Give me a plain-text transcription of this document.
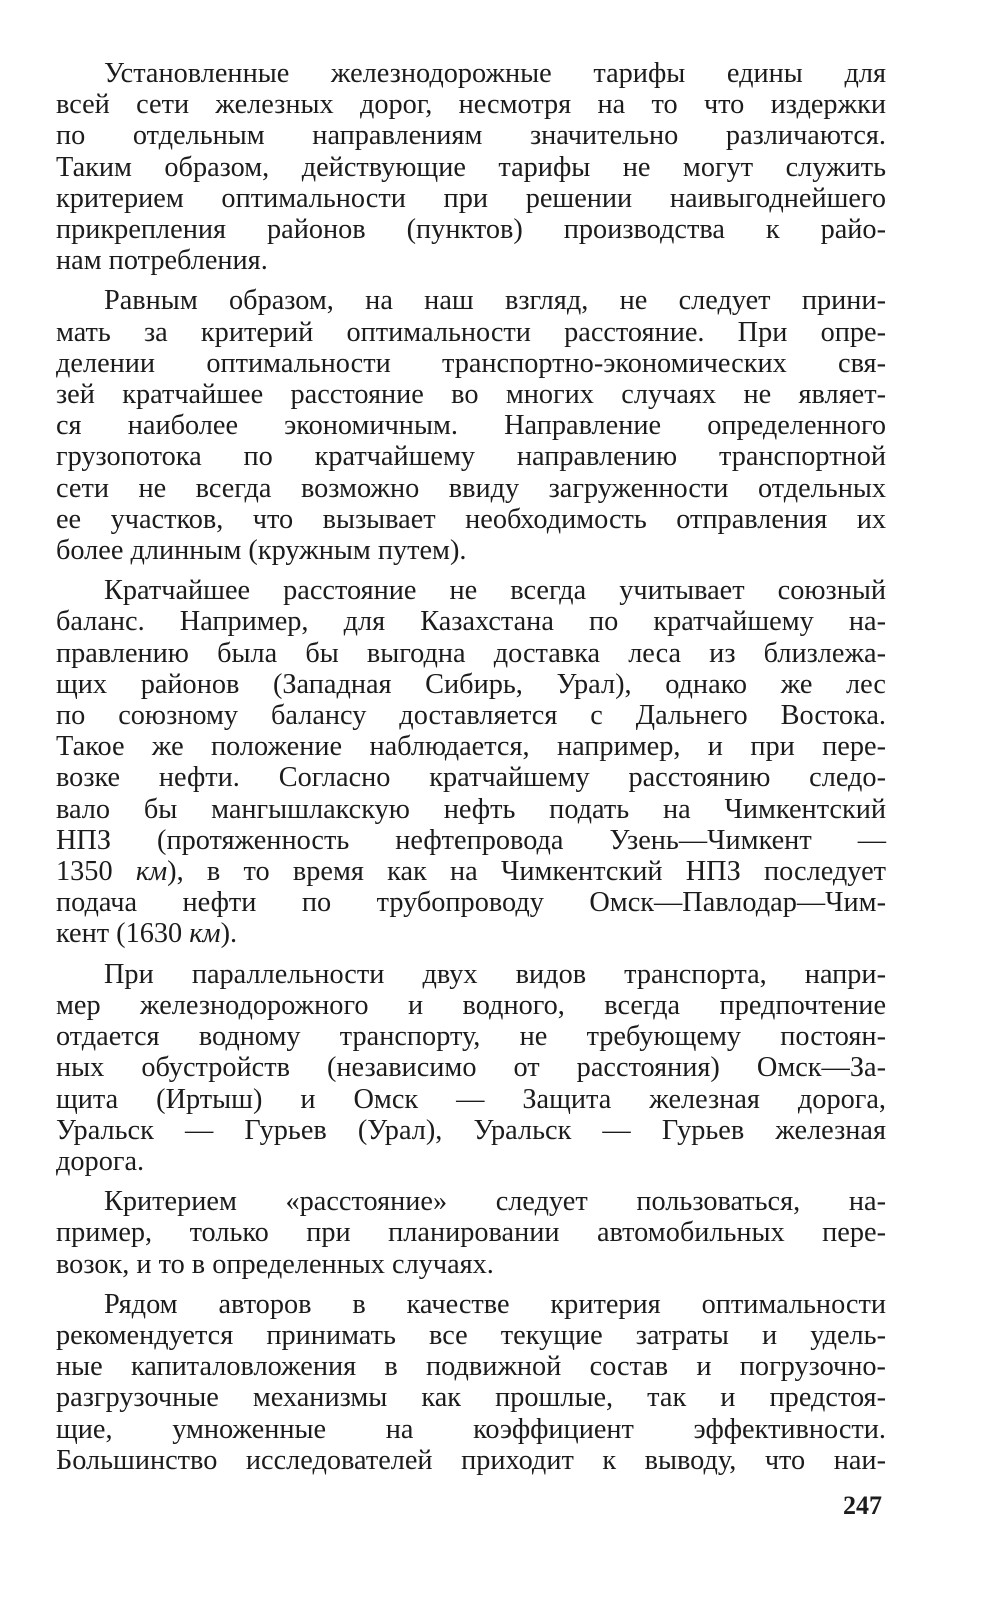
Установленные железнодорожные тарифы едины для
всей сети железных дорог, несмотря на то что издержки
по отдельным направлениям значительно различаются.
Таким образом, действующие тарифы не могут служить
критерием оптимальности при решении наивыгоднейшего
прикрепления районов (пунктов) производства к райо-
нам потребления.

Равным образом, на наш взгляд, не следует прини-
мать за критерий оптимальности расстояние. При опре-
делении оптимальности транспортно-экономических свя-
зей кратчайшее расстояние во многих случаях не являет-
ся наиболее экономичным. Направление определенного
грузопотока по кратчайшему направлению транспортной
сети не всегда возможно ввиду загруженности отдельных
ее участков, что вызывает необходимость отправления их
более длинным (кружным путем).

Кратчайшее расстояние не всегда учитывает союзный
баланс. Например, для Казахстана по кратчайшему на-
правлению была бы выгодна доставка леса из близлежа-
щих районов (Западная Сибирь, Урал), однако же лес
по союзному балансу доставляется с Дальнего Востока.
Такое же положение наблюдается, например, и при пере-
возке нефти. Согласно кратчайшему расстоянию следо-
вало бы мангышлакскую нефть подать на Чимкентский
НПЗ (протяженность нефтепровода Узень—Чимкент —
1350 км), в то время как на Чимкентский НПЗ последует
подача нефти по трубопроводу Омск—Павлодар—Чим-
кент (1630 км).

При параллельности двух видов транспорта, напри-
мер железнодорожного и водного, всегда предпочтение
отдается водному транспорту, не требующему постоян-
ных обустройств (независимо от расстояния) Омск—За-
щита (Иртыш) и Омск — Защита железная дорога,
Уральск — Гурьев (Урал), Уральск — Гурьев железная
дорога.

Критерием «расстояние» следует пользоваться, на-
пример, только при планировании автомобильных пере-
возок, и то в определенных случаях.

Рядом авторов в качестве критерия оптимальности
рекомендуется принимать все текущие затраты и удель-
ные капиталовложения в подвижной состав и погрузочно-
разгрузочные механизмы как прошлые, так и предстоя-
щие, умноженные на коэффициент эффективности.
Большинство исследователей приходит к выводу, что наи-

247
